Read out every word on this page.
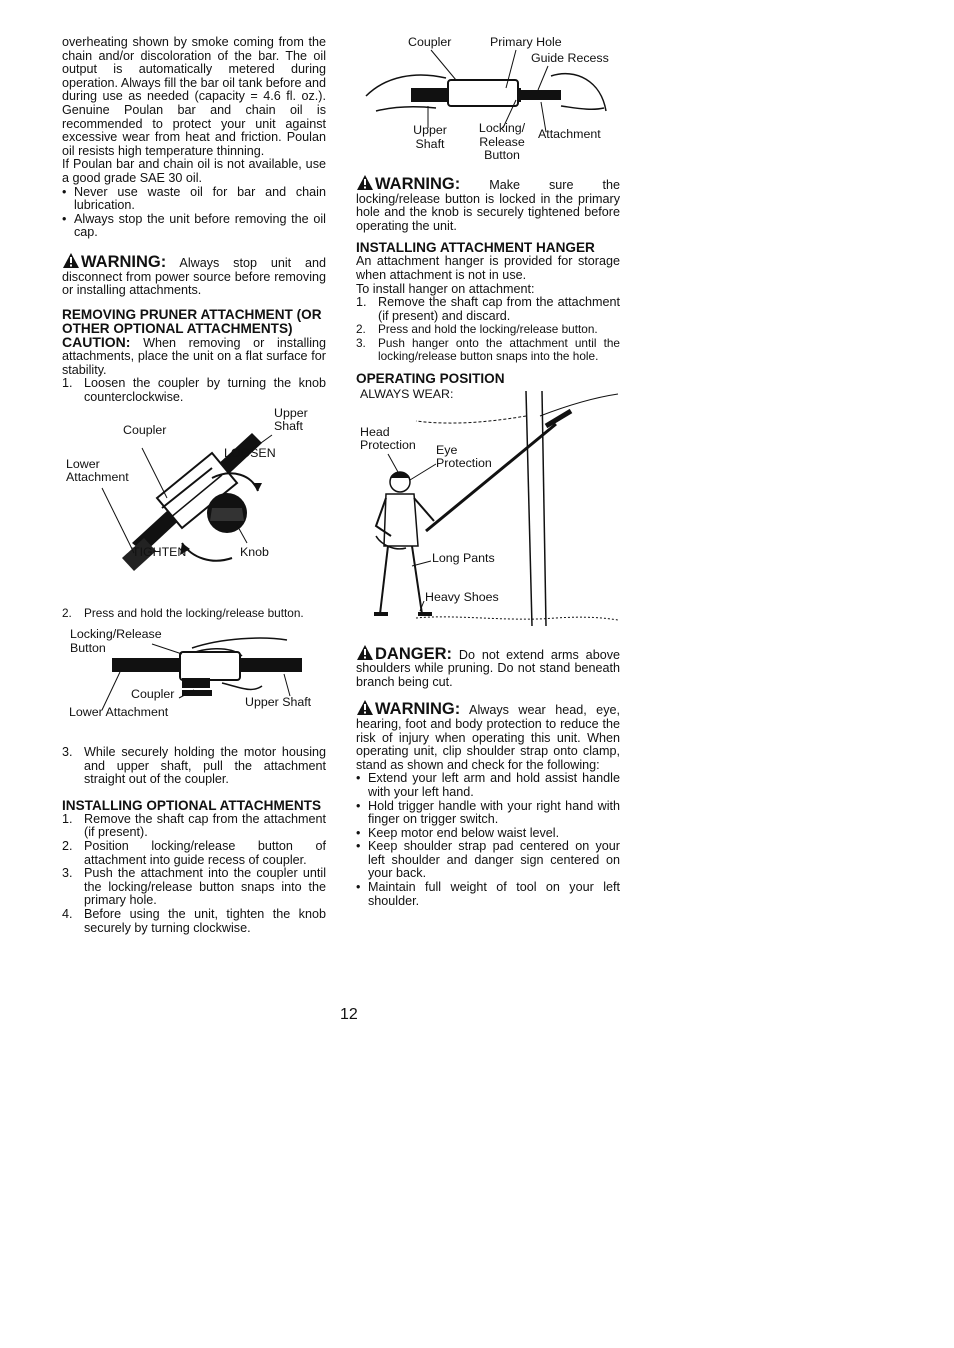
overheating shown by smoke coming from the chain and/or discoloration of the bar. The oil output is automatically metered during operation. Always fill the bar oil tank before and during use as needed (capacity = 4.6 fl. oz.). Genuine Poulan bar and chain oil is recommended to protect your unit against excessive wear from heat and friction. Poulan oil resists high temperature thinning.

If Poulan bar and chain oil is not available, use a good grade SAE 30 oil.

• Never use waste oil for bar and chain lubrication.
• Always stop the unit before removing the oil cap.

WARNING: Always stop unit and disconnect from power source before removing or installing attachments.

REMOVING PRUNER ATTACHMENT (OR OTHER OPTIONAL ATTACHMENTS)

CAUTION: When removing or installing attachments, place the unit on a flat surface for stability.

1. Loosen the coupler by turning the knob counterclockwise.
Coupler
Upper Shaft
LOOSEN
Lower Attachment
TIGHTEN	Knob
2.	Press and hold the locking/release button.
Locking/Release Button
Coupler
Upper Shaft
Lower Attachment
3. While securely holding the motor housing and upper shaft, pull the attachment straight out of the coupler.
INSTALLING OPTIONAL ATTACHMENTS
1. Remove the shaft cap from the attachment (if present).
2. Position locking/release button of attachment into guide recess of coupler.
3. Push the attachment into the coupler until the locking/release button snaps into the primary hole.
4. Before using the unit, tighten the knob securely by turning clockwise.
Coupler	Primary Hole
Guide Recess
Upper Shaft
Locking/ Release Button
Attachment

WARNING: Make sure the locking/release button is locked in the primary hole and the knob is securely tightened before operating the unit.

INSTALLING ATTACHMENT HANGER

An attachment hanger is provided for storage when attachment is not in use.

To install hanger on attachment:

1. Remove the shaft cap from the attachment (if present) and discard.
2.	Press and hold the locking/release button.
3.	Push hanger onto the attachment until the locking/release button snaps into the hole.
OPERATING POSITION
ALWAYS WEAR:
Head Protection	Eye Protection
Long Pants
Heavy Shoes

DANGER: Do not extend arms above shoulders while pruning. Do not stand beneath branch being cut.

WARNING: Always wear head, eye, hearing, foot and body protection to reduce the risk of injury when operating this unit. When operating unit, clip shoulder strap onto clamp, stand as shown and check for the following:

• Extend your left arm and hold assist handle with your left hand.
• Hold trigger handle with your right hand with finger on trigger switch.
• Keep motor end below waist level.
• Keep shoulder strap pad centered on your left shoulder and danger sign centered on your back.
• Maintain full weight of tool on your left shoulder.
12
